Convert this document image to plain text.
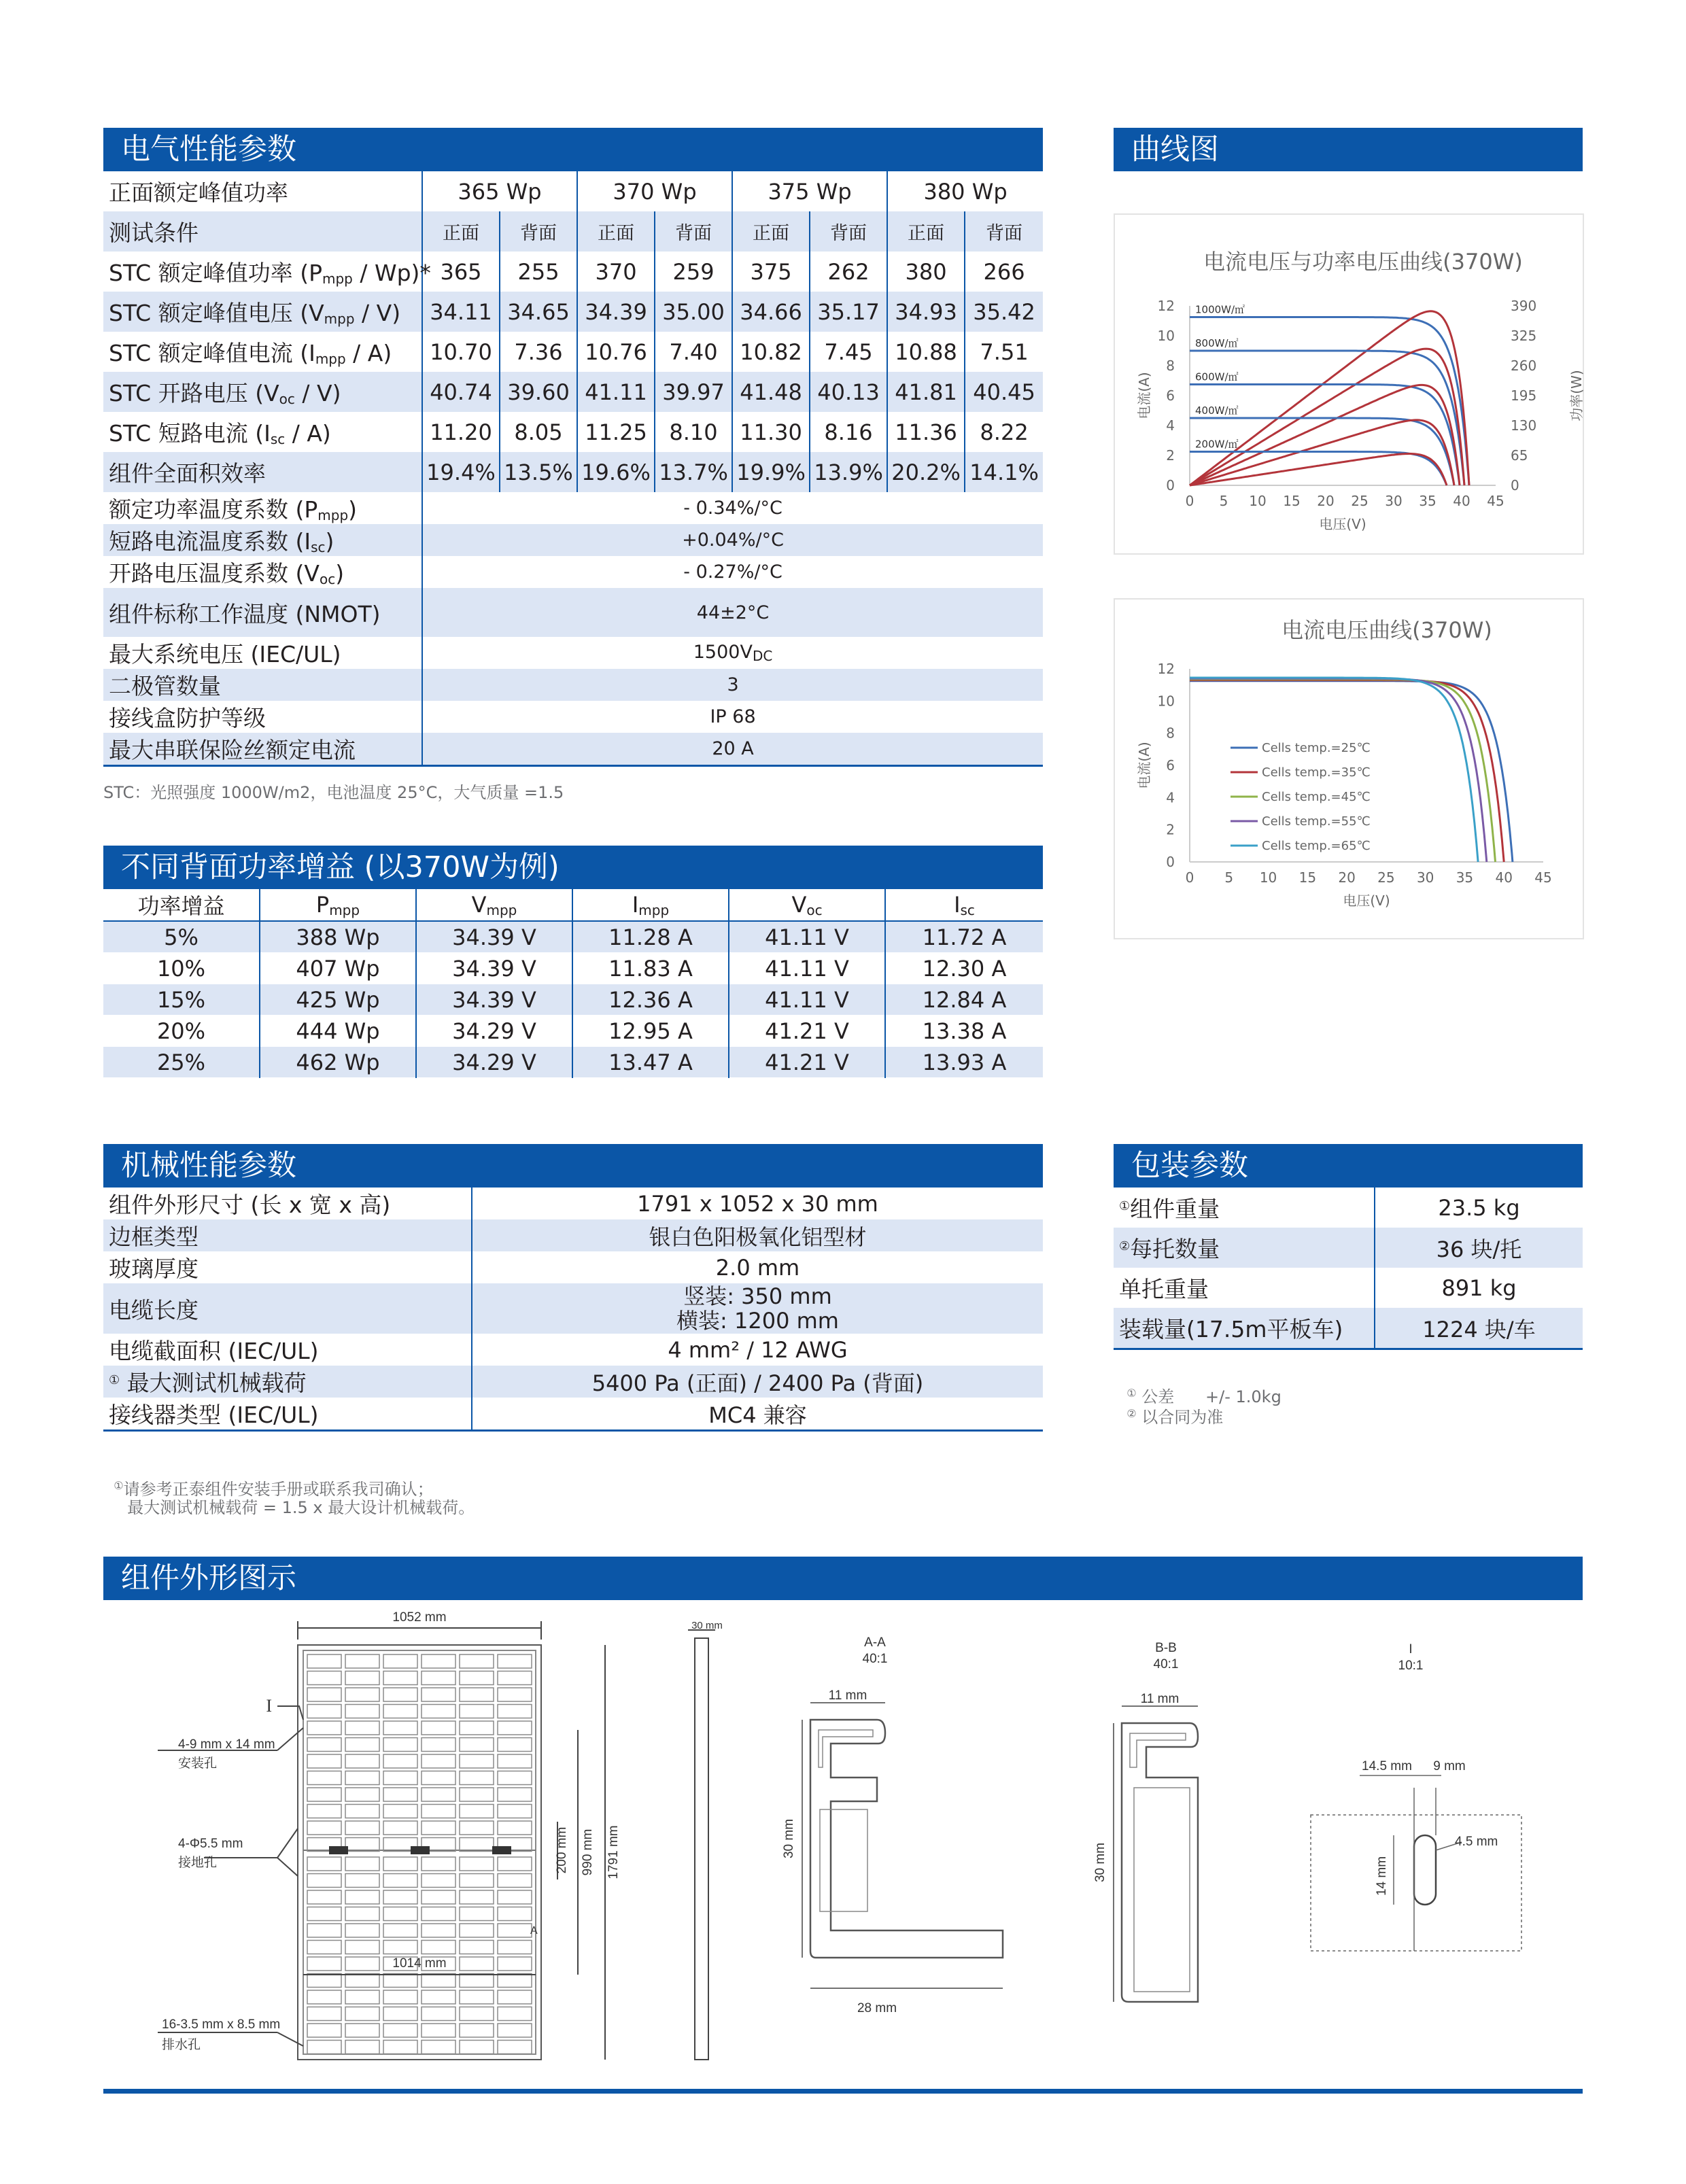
电气性能参数
正面额定峰值功率	365 Wp		370 Wp		375 Wp		380 Wp	
测试条件	正面	背面	正面	背面	正面	背面	正面	背面
STC 额定峰值功率 $(P_{mpp} / Wp)*$	365	255	370	259	375	262	380	266
STC 额定峰值电压 $(V_{mpp} / V)$	34.11	34.65	34.39	35.00	34.66	35.17	34.93	35.42
STC 额定峰值电流 $(I_{mpp} / A)$	10.70	7.36	10.76	7.40	10.82	7.45	10.88	7.51
STC 开路电压 $(V_{oc} / V)$	40.74	39.60	41.11	39.97	41.48	40.13	41.81	40.45
STC 短路电流 $(I_{sc} / A)$	11.20	8.05	11.25	8.10	11.30	8.16	11.36	8.22
组件全面积效率	19.4%	13.5%	19.6%	13.7%	19.9%	13.9%	20.2%	14.1%
额定功率温度系数 $(P_{mpp})$	- 0.34%/°C							
短路电流温度系数 $(I_{sc})$	+0.04%/°C							
开路电压温度系数 $(V_{oc})$	- 0.27%/°C							
组件标称工作温度 (NMOT)	44±2°C							
最大系统电压 (IEC/UL)	$1500V_{DC}$
二极管数量	3							
接线盒防护等级	IP 68							
最大串联保险丝额定电流	20 A							
STC：光照强度 1000W/m2，电池温度 25°C，大气质量 =1.5
不同背面功率增益 (以370W为例)
功率增益	$P_{mpp}$	$V_{mpp}$	$I_{mpp}$	$V_{oc}$	$I_{sc}$
5%	388 Wp	34.39 V	11.28 A	41.11 V	11.72 A
10%	407 Wp	34.39 V	11.83 A	41.11 V	12.30 A
15%	425 Wp	34.39 V	12.36 A	41.11 V	12.84 A
20%	444 Wp	34.29 V	12.95 A	41.21 V	13.38 A
25%	462 Wp	34.29 V	13.47 A	41.21 V	13.93 A
机械性能参数
组件外形尺寸 (长 x 宽 x 高)	1791 x 1052 x 30 mm
边框类型	银白色阳极氧化铝型材
玻璃厚度	2.0 mm
电缆长度	竖装: 350 mm
横装: 1200 mm

电缆截面积 (IEC/UL)	4 mm² / 12 AWG
① 最大测试机械载荷	5400 Pa (正面) / 2400 Pa (背面)
接线器类型 (IEC/UL)	MC4 兼容

①请参考正泰组件安装手册或联系我司确认；

最大测试机械载荷 = 1.5 x 最大设计机械载荷。

包装参数
①组件重量	23.5 kg
②每托数量	36 块/托
单托重量	891 kg
装载量(17.5m平板车)	1224 块/车

① 公差      +/- 1.0kg

② 以合同为准

曲线图
电流电压与功率电压曲线(370W)
0 5 10 15 20 25 30 35 40 45
0
2
4
6
8
10
12
电压(V)
电流(A)
0
65
130
195
260
325
390
功率(W)
1000W/㎡
800W/㎡
600W/㎡
400W/㎡
200W/㎡
电流电压曲线(370W)
0 5 10 15 20 25 30 35 40 45
0
2
4
6
8
10
12
电压(V)
电流(A)	Cells temp.=25℃
Cells temp.=35℃
Cells temp.=45℃
Cells temp.=55℃
Cells temp.=65℃
组件外形图示
1052 mm
30 mm
A-A
40:1
B-B
40:1
I
10:1
I
4-9 mm x 14 mm
安装孔
4-Φ5.5 mm
接地孔
16-3.5 mm x 8.5 mm
排水孔
1014 mm
A
200 mm 990 mm 1791 mm
11 mm	11 mm
30 mm
30 mm
28 mm
14.5 mm 9 mm
4.5 mm
14 mm
